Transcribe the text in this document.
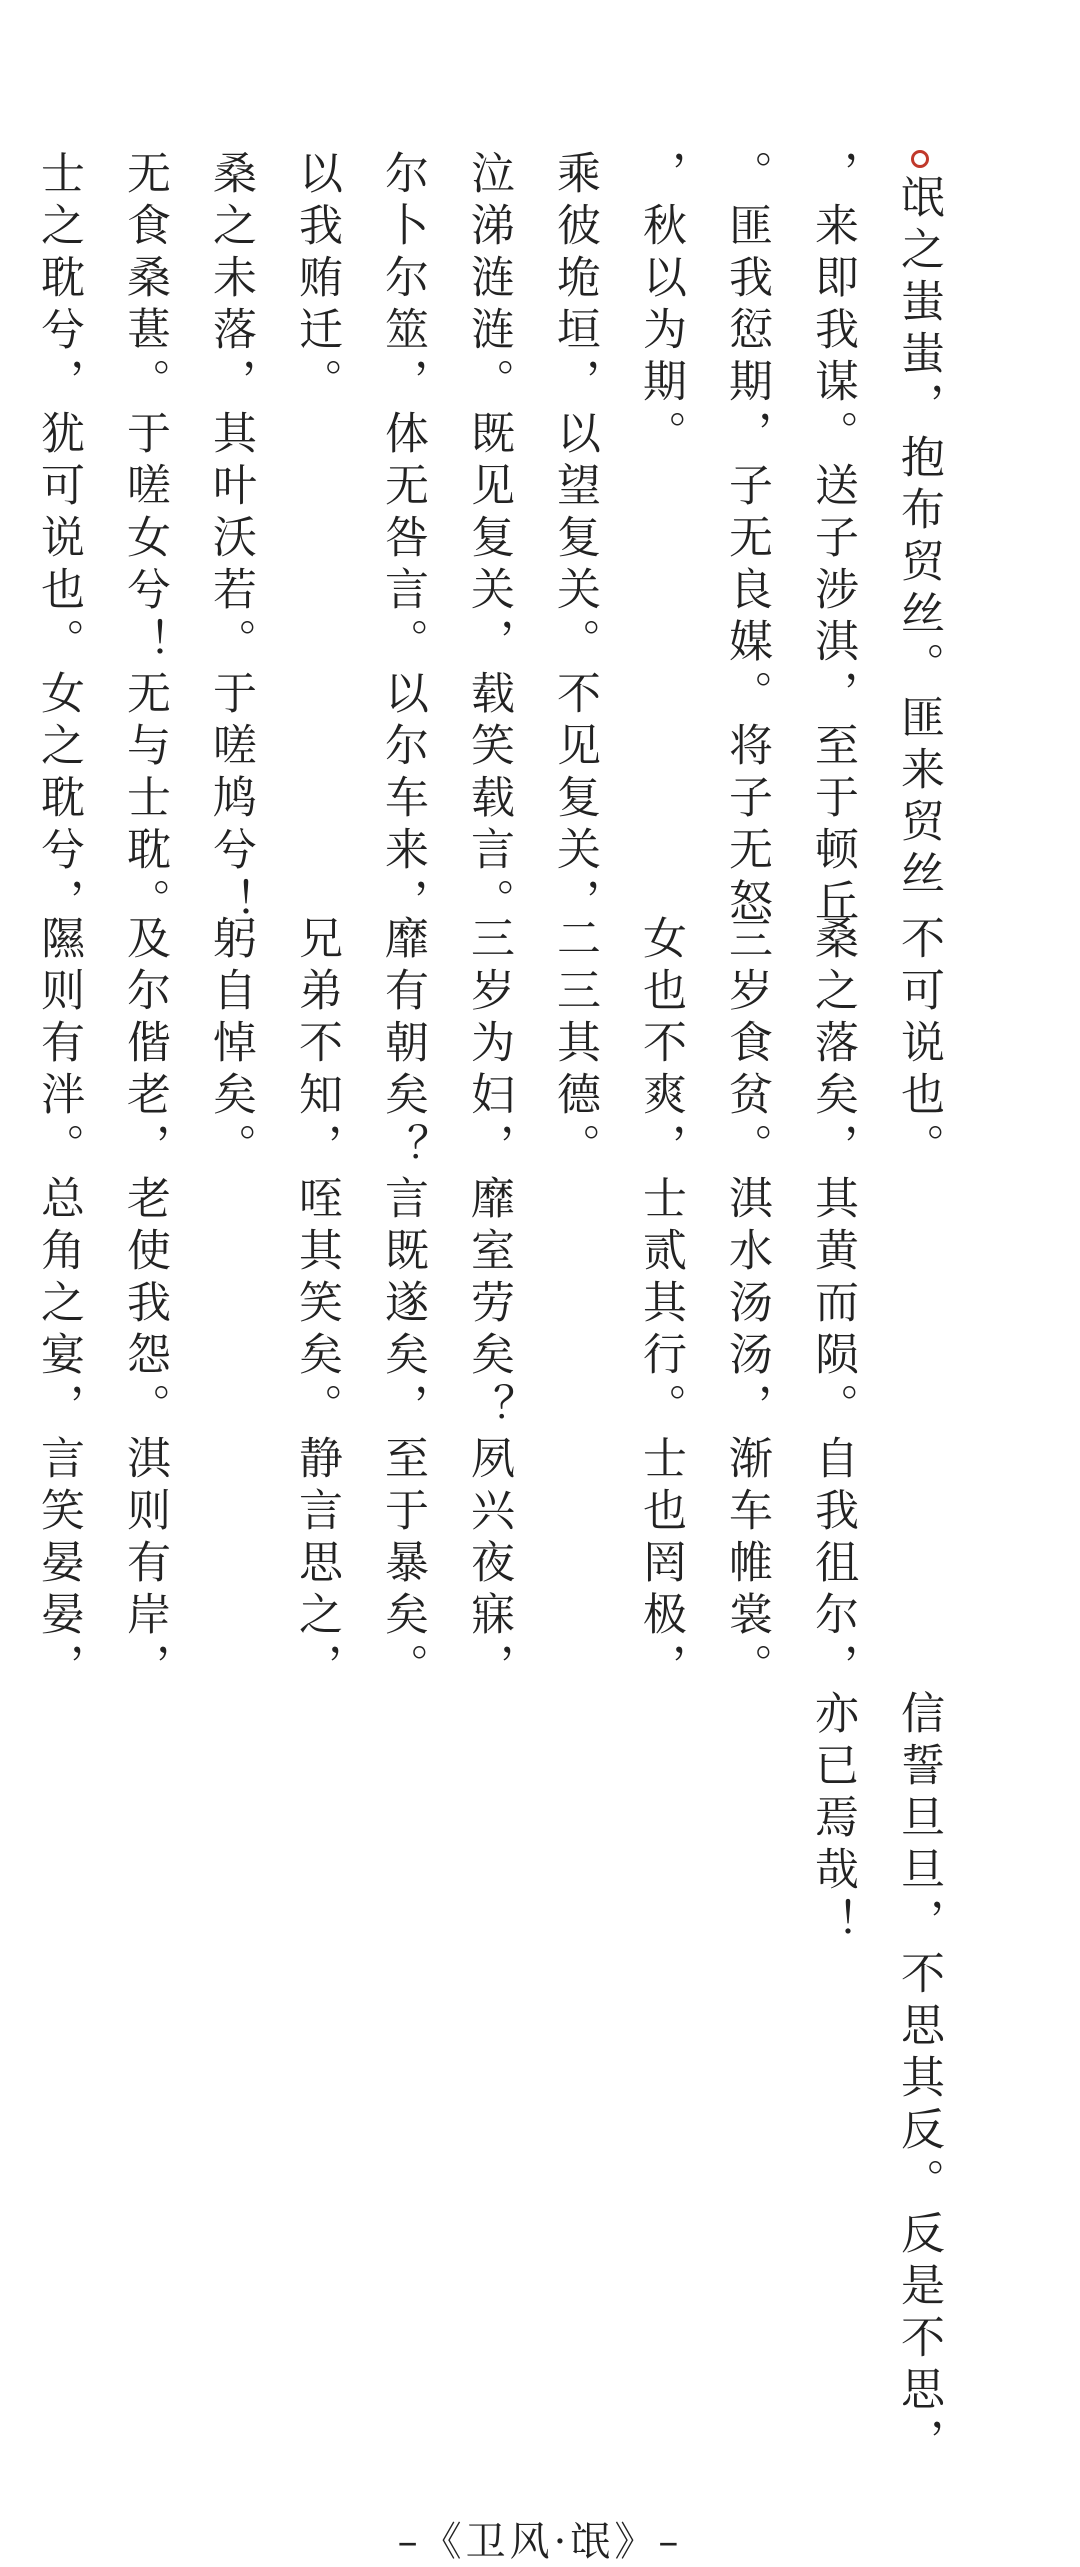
氓之蚩蚩，抱布贸丝。匪来贸丝
，来即我谋。送子涉淇，至于顿丘
。匪我愆期，子无良媒。将子无怒
，秋以为期。
乘彼垝垣，以望复关。不见复关，
泣涕涟涟。既见复关，载笑载言。
尔卜尔筮，体无咎言。以尔车来，
以我贿迁。
桑之未落，其叶沃若。于嗟鸠兮！
无食桑葚。于嗟女兮！无与士耽。
士之耽兮，犹可说也。女之耽兮，
不可说也。
桑之落矣，其黄而陨。自我徂尔，
三岁食贫。淇水汤汤，渐车帷裳。
女也不爽，士贰其行。士也罔极，
二三其德。
三岁为妇，靡室劳矣？夙兴夜寐，
靡有朝矣？言既遂矣，至于暴矣。
兄弟不知，咥其笑矣。静言思之，
躬自悼矣。
及尔偕老，老使我怨。淇则有岸，
隰则有泮。总角之宴，言笑晏晏，
信誓旦旦，不思其反。反是不思，
亦已焉哉！
–《卫风·氓》–
